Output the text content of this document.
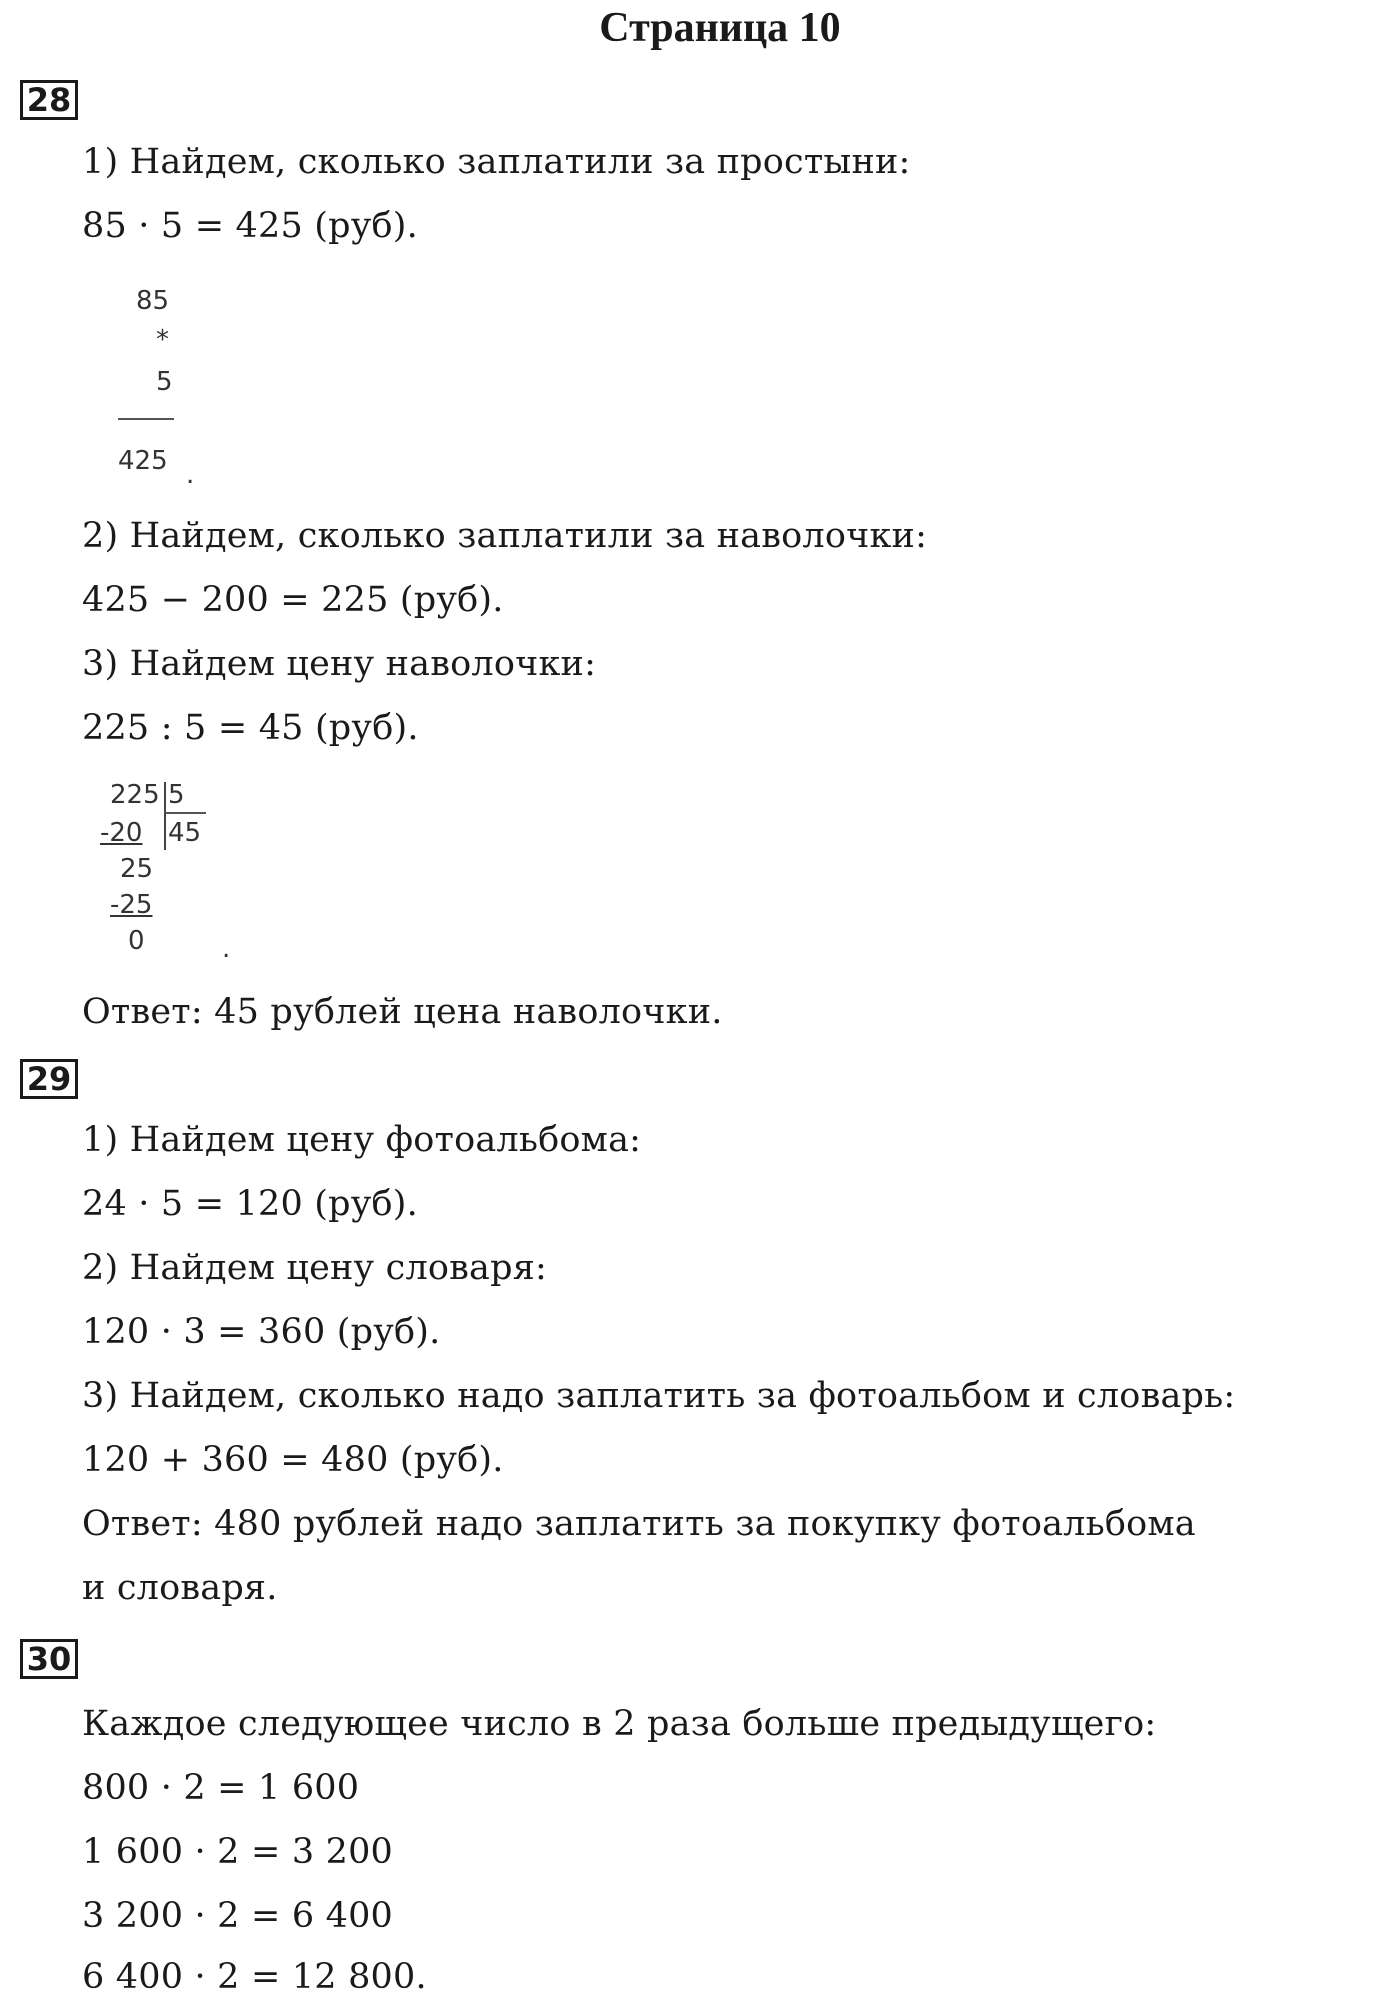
Страница 10
28
1) Найдем, сколько заплатили за простыни:
85 · 5 = 425 (руб).
85
*
5
425 .
2) Найдем, сколько заплатили за наволочки:
425 − 200 = 225 (руб).
3) Найдем цену наволочки:
225 : 5 = 45 (руб).
225 5
-20 45
25
-25
0	.
Ответ: 45 рублей цена наволочки.
29
1) Найдем цену фотоальбома:
24 · 5 = 120 (руб).
2) Найдем цену словаря:
120 · 3 = 360 (руб).
3) Найдем, сколько надо заплатить за фотоальбом и словарь:
120 + 360 = 480 (руб).
Ответ: 480 рублей надо заплатить за покупку фотоальбома
и словаря.
30
Каждое следующее число в 2 раза больше предыдущего:
800 · 2 = 1 600
1 600 · 2 = 3 200
3 200 · 2 = 6 400
6 400 · 2 = 12 800.
